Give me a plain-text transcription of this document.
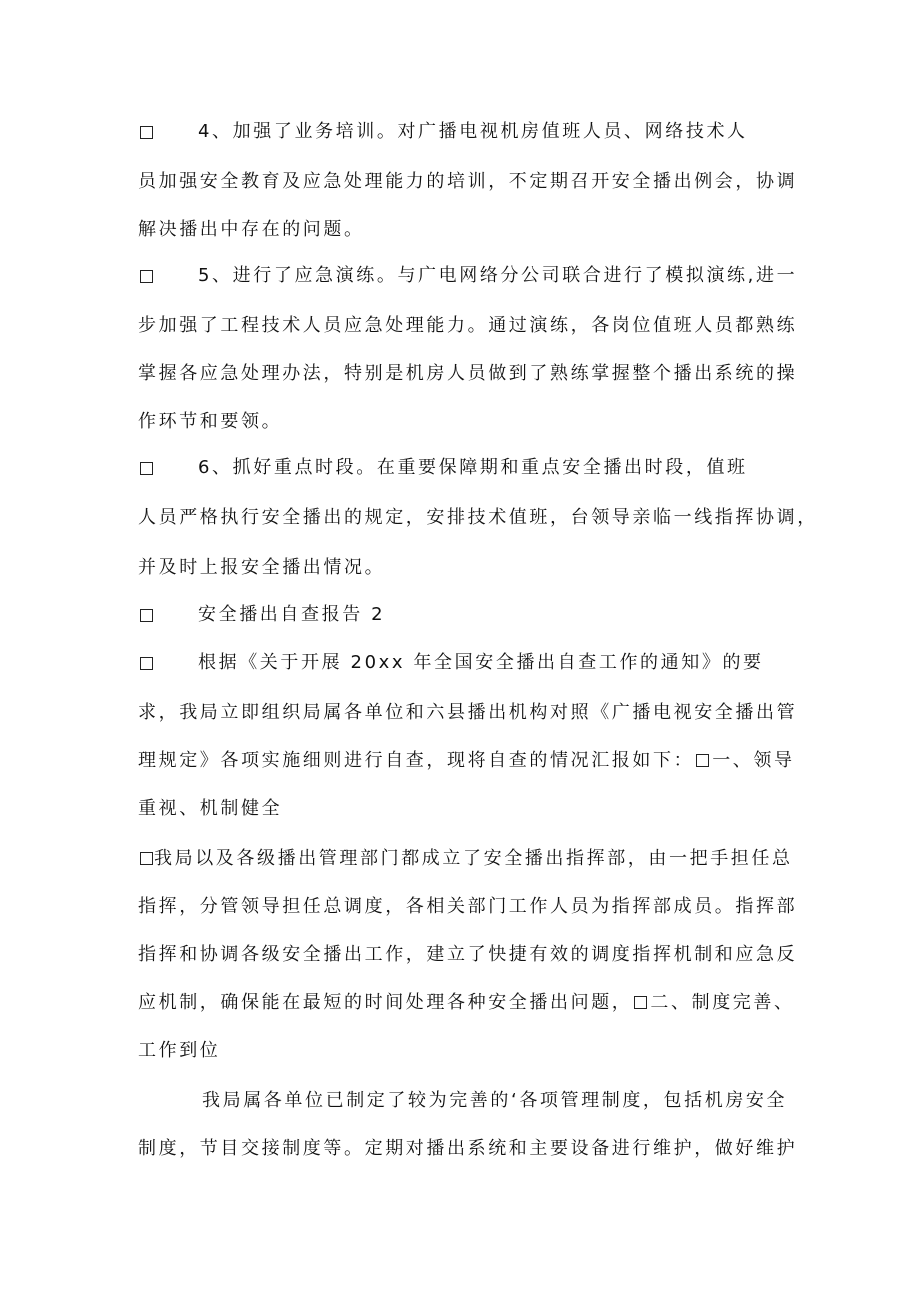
4、加强了业务培训。对广播电视机房值班人员、网络技术人
员加强安全教育及应急处理能力的培训，不定期召开安全播出例会，协调
解决播出中存在的问题。
5、进行了应急演练。与广电网络分公司联合进行了模拟演练,进一
步加强了工程技术人员应急处理能力。通过演练，各岗位值班人员都熟练
掌握各应急处理办法，特别是机房人员做到了熟练掌握整个播出系统的操
作环节和要领。
6、抓好重点时段。在重要保障期和重点安全播出时段，值班
人员严格执行安全播出的规定，安排技术值班，台领导亲临一线指挥协调，
并及时上报安全播出情况。
安全播出自查报告 2
根据《关于开展 20xx 年全国安全播出自查工作的通知》的要
求，我局立即组织局属各单位和六县播出机构对照《广播电视安全播出管
理规定》各项实施细则进行自查，现将自查的情况汇报如下： 一、领导
重视、机制健全
我局以及各级播出管理部门都成立了安全播出指挥部，由一把手担任总
指挥，分管领导担任总调度，各相关部门工作人员为指挥部成员。指挥部
指挥和协调各级安全播出工作，建立了快捷有效的调度指挥机制和应急反
应机制，确保能在最短的时间处理各种安全播出问题， 二、制度完善、
工作到位
我局属各单位已制定了较为完善的‘各项管理制度，包括机房安全
制度，节目交接制度等。定期对播出系统和主要设备进行维护，做好维护
